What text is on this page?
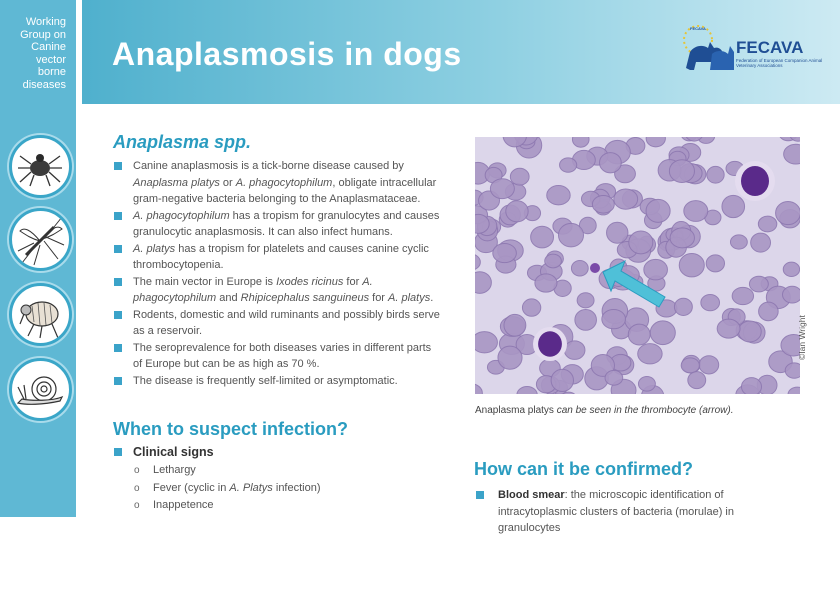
Working
Group on
Canine
vector
borne
diseases
Anaplasmosis in dogs
FECAVA
FECAVA
Federation of European Companion Animal Veterinary Associations
Anaplasma spp.
Canine anaplasmosis is a tick-borne disease caused by Anaplasma platys or A. phagocytophilum, obligate intracellular gram-negative bacteria belonging to the Anaplasmataceae.
A. phagocytophilum has a tropism for granulocytes and causes granulocytic anaplasmosis. It can also infect humans.
A. platys has a tropism for platelets and causes canine cyclic thrombocytopenia.
The main vector in Europe is Ixodes ricinus for A. phagocytophilum and Rhipicephalus sanguineus for A. platys.
Rodents, domestic and wild ruminants and possibly birds serve as a reservoir.
The seroprevalence for both diseases varies in different parts of Europe but can be as high as 70 %.
The disease is frequently self-limited or asymptomatic.
When to suspect infection?
Clinical signs
o Lethargy
o Fever (cyclic in A. Platys infection)
o Inappetence
Anaplasma platys can be seen in the thrombocyte (arrow).
©Ian Wright
How can it be confirmed?
Blood smear: the microscopic identification of intracytoplasmic clusters of bacteria (morulae) in granulocytes
